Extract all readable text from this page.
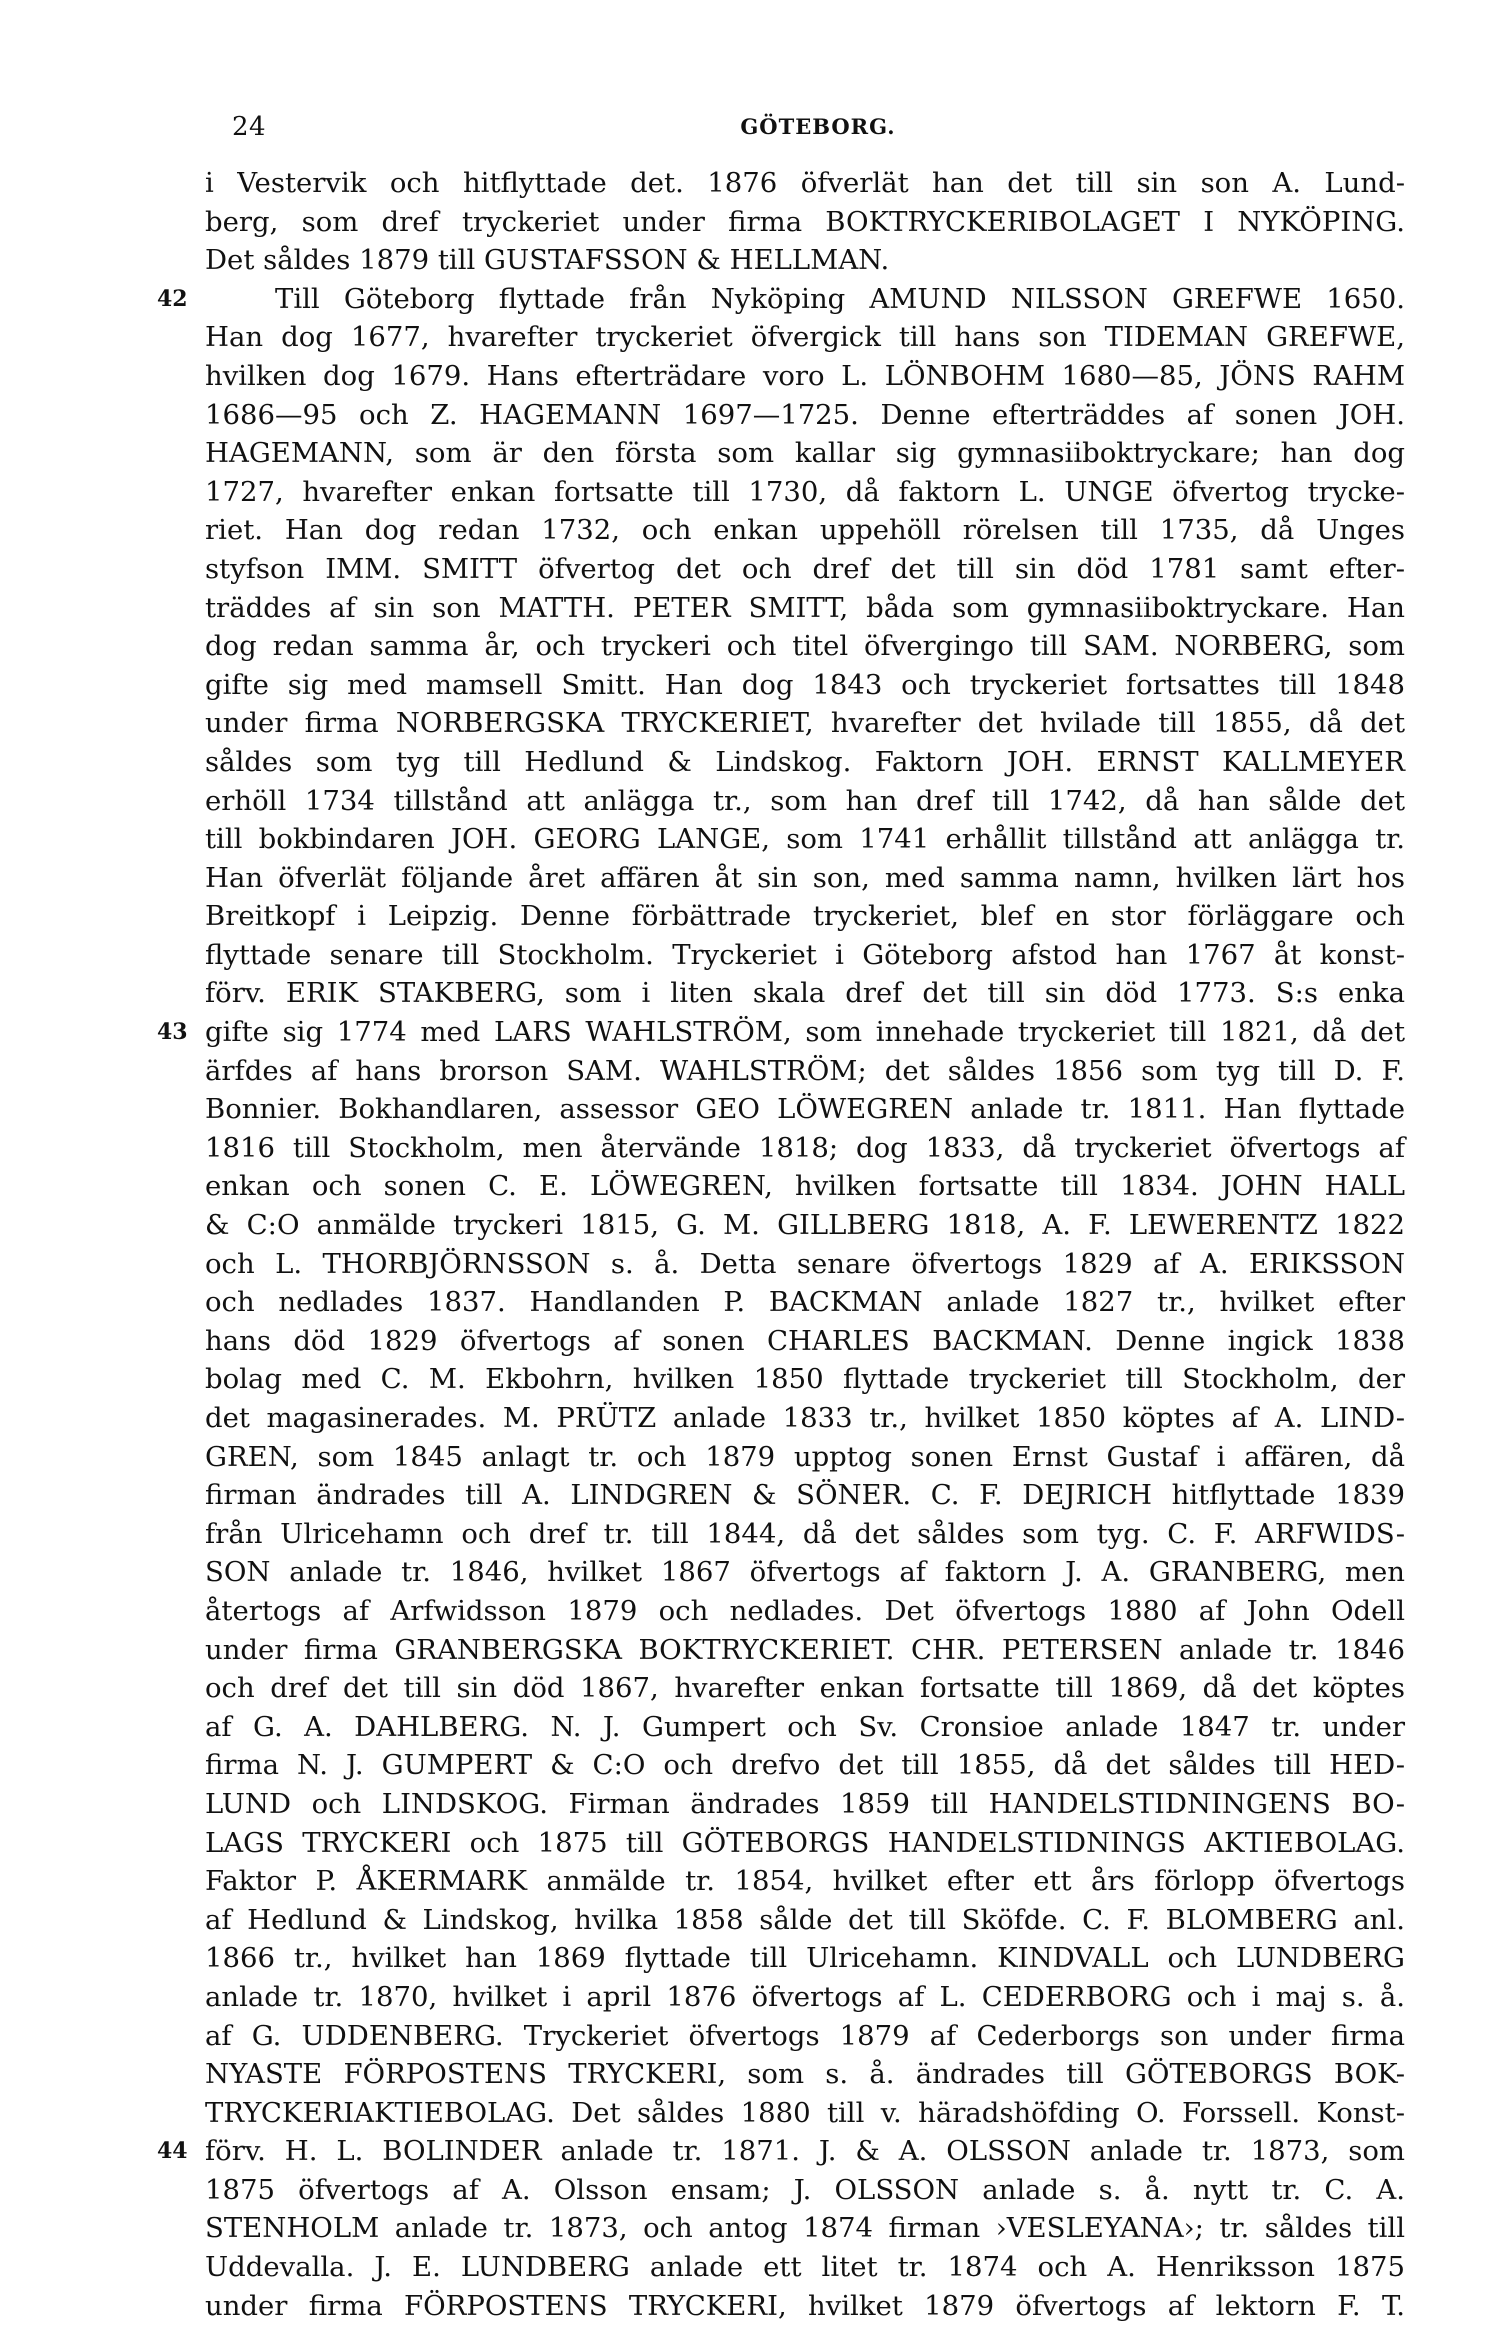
24	GÖTEBORG.
i Vestervik och hitflyttade det. 1876 öfverlät han det till sin son A. Lund-
berg, som dref tryckeriet under firma BOKTRYCKERIBOLAGET I NYKÖPING.
Det såldes 1879 till GUSTAFSSON & HELLMAN.
42	Till Göteborg flyttade från Nyköping AMUND NILSSON GREFWE 1650.
Han dog 1677, hvarefter tryckeriet öfvergick till hans son TIDEMAN GREFWE,
hvilken dog 1679. Hans efterträdare voro L. LÖNBOHM 1680—85, JÖNS RAHM
1686—95 och Z. HAGEMANN 1697—1725. Denne efterträddes af sonen JOH.
HAGEMANN, som är den första som kallar sig gymnasiiboktryckare; han dog
1727, hvarefter enkan fortsatte till 1730, då faktorn L. UNGE öfvertog trycke-
riet. Han dog redan 1732, och enkan uppehöll rörelsen till 1735, då Unges
styfson IMM. SMITT öfvertog det och dref det till sin död 1781 samt efter-
träddes af sin son MATTH. PETER SMITT, båda som gymnasiiboktryckare. Han
dog redan samma år, och tryckeri och titel öfvergingo till SAM. NORBERG, som
gifte sig med mamsell Smitt. Han dog 1843 och tryckeriet fortsattes till 1848
under firma NORBERGSKA TRYCKERIET, hvarefter det hvilade till 1855, då det
såldes som tyg till Hedlund & Lindskog. Faktorn JOH. ERNST KALLMEYER
erhöll 1734 tillstånd att anlägga tr., som han dref till 1742, då han sålde det
till bokbindaren JOH. GEORG LANGE, som 1741 erhållit tillstånd att anlägga tr.
Han öfverlät följande året affären åt sin son, med samma namn, hvilken lärt hos
Breitkopf i Leipzig. Denne förbättrade tryckeriet, blef en stor förläggare och
flyttade senare till Stockholm. Tryckeriet i Göteborg afstod han 1767 åt konst-
förv. ERIK STAKBERG, som i liten skala dref det till sin död 1773. S:s enka
43 gifte sig 1774 med LARS WAHLSTRÖM, som innehade tryckeriet till 1821, då det
ärfdes af hans brorson SAM. WAHLSTRÖM; det såldes 1856 som tyg till D. F.
Bonnier. Bokhandlaren, assessor GEO LÖWEGREN anlade tr. 1811. Han flyttade
1816 till Stockholm, men återvände 1818; dog 1833, då tryckeriet öfvertogs af
enkan och sonen C. E. LÖWEGREN, hvilken fortsatte till 1834. JOHN HALL
& C:O anmälde tryckeri 1815, G. M. GILLBERG 1818, A. F. LEWERENTZ 1822
och L. THORBJÖRNSSON s. å. Detta senare öfvertogs 1829 af A. ERIKSSON
och nedlades 1837. Handlanden P. BACKMAN anlade 1827 tr., hvilket efter
hans död 1829 öfvertogs af sonen CHARLES BACKMAN. Denne ingick 1838
bolag med C. M. Ekbohrn, hvilken 1850 flyttade tryckeriet till Stockholm, der
det magasinerades. M. PRÜTZ anlade 1833 tr., hvilket 1850 köptes af A. LIND-
GREN, som 1845 anlagt tr. och 1879 upptog sonen Ernst Gustaf i affären, då
firman ändrades till A. LINDGREN & SÖNER. C. F. DEJRICH hitflyttade 1839
från Ulricehamn och dref tr. till 1844, då det såldes som tyg. C. F. ARFWIDS-
SON anlade tr. 1846, hvilket 1867 öfvertogs af faktorn J. A. GRANBERG, men
återtogs af Arfwidsson 1879 och nedlades. Det öfvertogs 1880 af John Odell
under firma GRANBERGSKA BOKTRYCKERIET. CHR. PETERSEN anlade tr. 1846
och dref det till sin död 1867, hvarefter enkan fortsatte till 1869, då det köptes
af G. A. DAHLBERG. N. J. Gumpert och Sv. Cronsioe anlade 1847 tr. under
firma N. J. GUMPERT & C:O och drefvo det till 1855, då det såldes till HED-
LUND och LINDSKOG. Firman ändrades 1859 till HANDELSTIDNINGENS BO-
LAGS TRYCKERI och 1875 till GÖTEBORGS HANDELSTIDNINGS AKTIEBOLAG.
Faktor P. ÅKERMARK anmälde tr. 1854, hvilket efter ett års förlopp öfvertogs
af Hedlund & Lindskog, hvilka 1858 sålde det till Sköfde. C. F. BLOMBERG anl.
1866 tr., hvilket han 1869 flyttade till Ulricehamn. KINDVALL och LUNDBERG
anlade tr. 1870, hvilket i april 1876 öfvertogs af L. CEDERBORG och i maj s. å.
af G. UDDENBERG. Tryckeriet öfvertogs 1879 af Cederborgs son under firma
NYASTE FÖRPOSTENS TRYCKERI, som s. å. ändrades till GÖTEBORGS BOK-
TRYCKERIAKTIEBOLAG. Det såldes 1880 till v. häradshöfding O. Forssell. Konst-
44 förv. H. L. BOLINDER anlade tr. 1871. J. & A. OLSSON anlade tr. 1873, som
1875 öfvertogs af A. Olsson ensam; J. OLSSON anlade s. å. nytt tr. C. A.
STENHOLM anlade tr. 1873, och antog 1874 firman ›VESLEYANA›; tr. såldes till
Uddevalla. J. E. LUNDBERG anlade ett litet tr. 1874 och A. Henriksson 1875
under firma FÖRPOSTENS TRYCKERI, hvilket 1879 öfvertogs af lektorn F. T.
